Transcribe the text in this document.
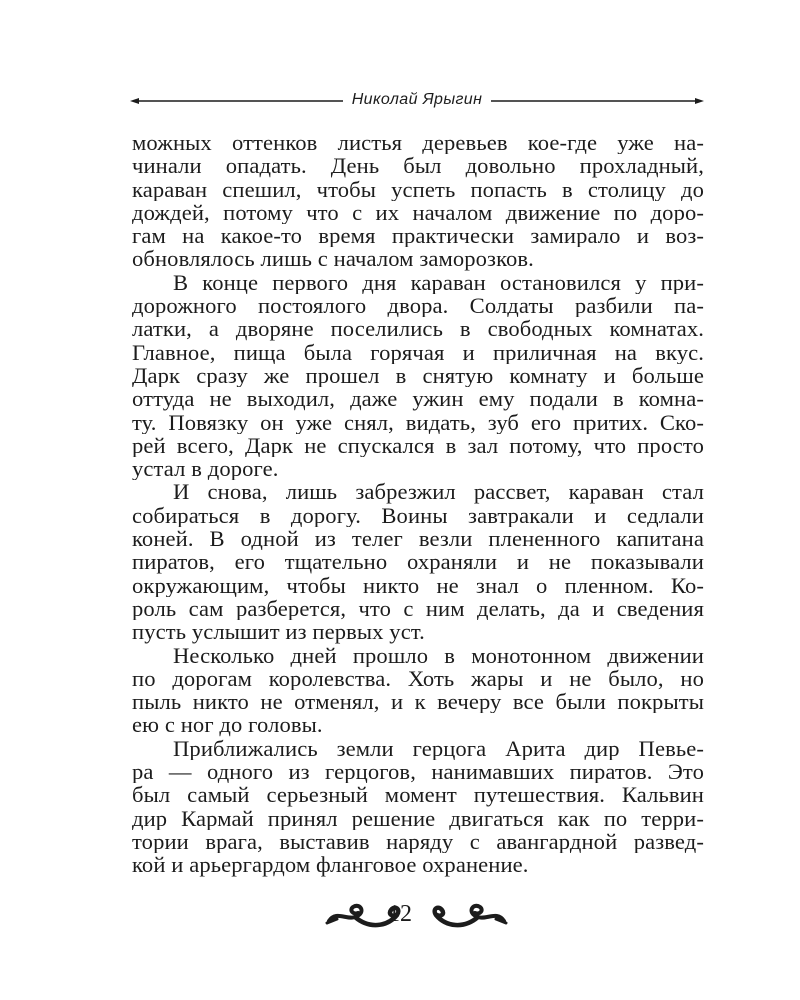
Николай Ярыгин
можных оттенков листья деревьев кое-где уже на-
чинали опадать. День был довольно прохладный,
караван спешил, чтобы успеть попасть в столицу до
дождей, потому что с их началом движение по доро-
гам на какое-то время практически замирало и воз-
обновлялось лишь с началом заморозков.
В конце первого дня караван остановился у при-
дорожного постоялого двора. Солдаты разбили па-
латки, а дворяне поселились в свободных комнатах.
Главное, пища была горячая и приличная на вкус.
Дарк сразу же прошел в снятую комнату и больше
оттуда не выходил, даже ужин ему подали в комна-
ту. Повязку он уже снял, видать, зуб его притих. Ско-
рей всего, Дарк не спускался в зал потому, что просто
устал в дороге.
И снова, лишь забрезжил рассвет, караван стал
собираться в дорогу. Воины завтракали и седлали
коней. В одной из телег везли плененного капитана
пиратов, его тщательно охраняли и не показывали
окружающим, чтобы никто не знал о пленном. Ко-
роль сам разберется, что с ним делать, да и сведения
пусть услышит из первых уст.
Несколько дней прошло в монотонном движении
по дорогам королевства. Хоть жары и не было, но
пыль никто не отменял, и к вечеру все были покрыты
ею с ног до головы.
Приближались земли герцога Арита дир Певье-
ра — одного из герцогов, нанимавших пиратов. Это
был самый серьезный момент путешествия. Кальвин
дир Кармай принял решение двигаться как по терри-
тории врага, выставив наряду с авангардной развед-
кой и арьергардом фланговое охранение.
12
